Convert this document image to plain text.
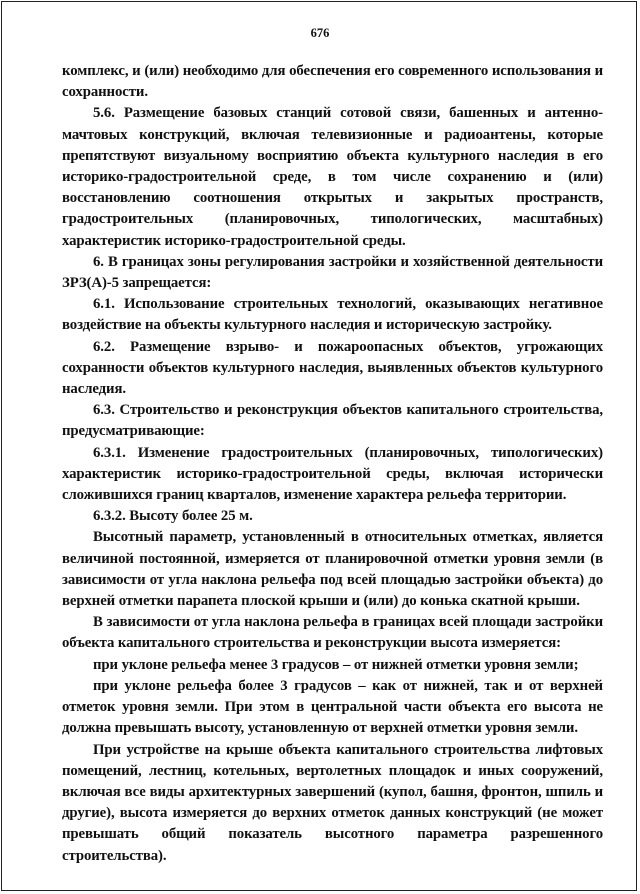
676

комплекс, и (или) необходимо для обеспечения его современного использования и сохранности.

5.6. Размещение базовых станций сотовой связи, башенных и антенно-мачтовых конструкций, включая телевизионные и радиоантены, которые препятствуют визуальному восприятию объекта культурного наследия в его историко-градостроительной среде, в том числе сохранению и (или) восстановлению соотношения открытых и закрытых пространств, градостроительных (планировочных, типологических, масштабных) характеристик историко-градостроительной среды.

6. В границах зоны регулирования застройки и хозяйственной деятельности ЗРЗ(А)-5 запрещается:

6.1. Использование строительных технологий, оказывающих негативное воздействие на объекты культурного наследия и историческую застройку.

6.2. Размещение взрыво- и пожароопасных объектов, угрожающих сохранности объектов культурного наследия, выявленных объектов культурного наследия.

6.3. Строительство и реконструкция объектов капитального строительства, предусматривающие:

6.3.1. Изменение градостроительных (планировочных, типологических) характеристик историко-градостроительной среды, включая исторически сложившихся границ кварталов, изменение характера рельефа территории.

6.3.2. Высоту более 25 м.

Высотный параметр, установленный в относительных отметках, является величиной постоянной, измеряется от планировочной отметки уровня земли (в зависимости от угла наклона рельефа под всей площадью застройки объекта) до верхней отметки парапета плоской крыши и (или) до конька скатной крыши.

В зависимости от угла наклона рельефа в границах всей площади застройки объекта капитального строительства и реконструкции высота измеряется:

при уклоне рельефа менее 3 градусов – от нижней отметки уровня земли;

при уклоне рельефа более 3 градусов – как от нижней, так и от верхней отметок уровня земли. При этом в центральной части объекта его высота не должна превышать высоту, установленную от верхней отметки уровня земли.

При устройстве на крыше объекта капитального строительства лифтовых помещений, лестниц, котельных, вертолетных площадок и иных сооружений, включая все виды архитектурных завершений (купол, башня, фронтон, шпиль и другие), высота измеряется до верхних отметок данных конструкций (не может превышать общий показатель высотного параметра разрешенного строительства).
